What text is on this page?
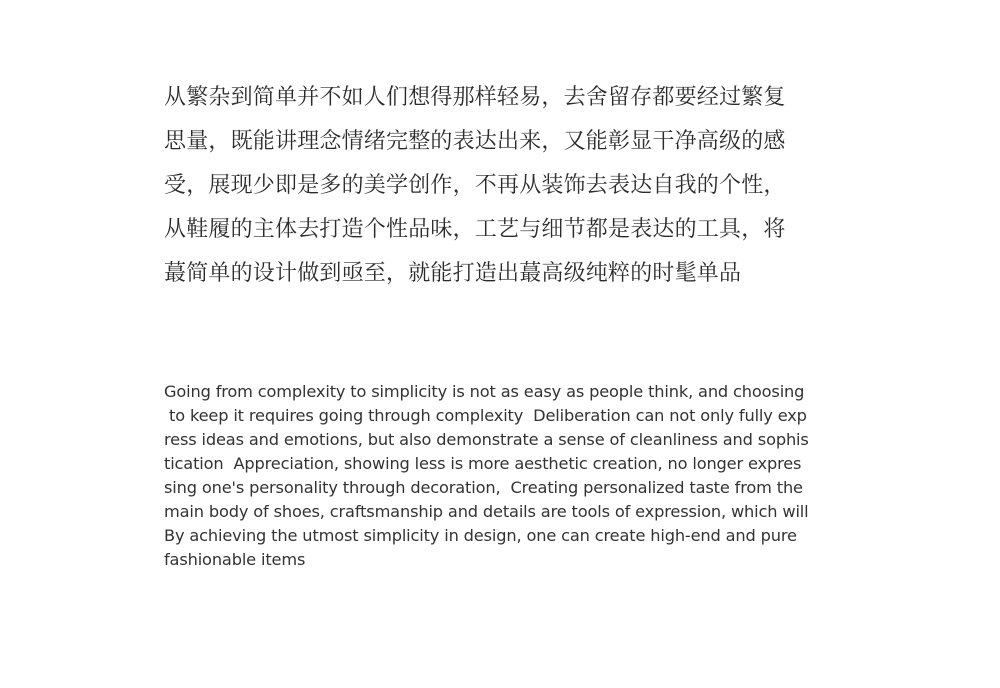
从繁杂到简单并不如人们想得那样轻易，去舍留存都要经过繁复
思量，既能讲理念情绪完整的表达出来，又能彰显干净高级的感
受，展现少即是多的美学创作，不再从装饰去表达自我的个性，
从鞋履的主体去打造个性品味，工艺与细节都是表达的工具，将
蕞简单的设计做到亟至，就能打造出蕞高级纯粹的时髦单品
Going from complexity to simplicity is not as easy as people think, and choosing
to keep it requires going through complexity  Deliberation can not only fully exp
ress ideas and emotions, but also demonstrate a sense of cleanliness and sophis
tication  Appreciation, showing less is more aesthetic creation, no longer expres
sing one's personality through decoration,  Creating personalized taste from the
main body of shoes, craftsmanship and details are tools of expression, which will
By achieving the utmost simplicity in design, one can create high-end and pure
fashionable items
